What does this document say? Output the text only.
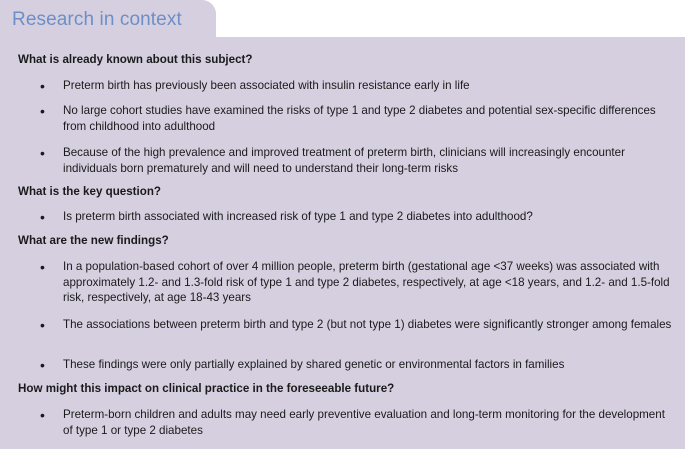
Research in context
What is already known about this subject?
• Preterm birth has previously been associated with insulin resistance early in life
• No large cohort studies have examined the risks of type 1 and type 2 diabetes and potential sex-specific differences from childhood into adulthood
• Because of the high prevalence and improved treatment of preterm birth, clinicians will increasingly encounter individuals born prematurely and will need to understand their long-term risks
What is the key question?
• Is preterm birth associated with increased risk of type 1 and type 2 diabetes into adulthood?
What are the new findings?
• In a population-based cohort of over 4 million people, preterm birth (gestational age <37 weeks) was associated with approximately 1.2- and 1.3-fold risk of type 1 and type 2 diabetes, respectively, at age <18 years, and 1.2- and 1.5-fold risk, respectively, at age 18-43 years
• The associations between preterm birth and type 2 (but not type 1) diabetes were significantly stronger among females
• These findings were only partially explained by shared genetic or environmental factors in families
How might this impact on clinical practice in the foreseeable future?
• Preterm-born children and adults may need early preventive evaluation and long-term monitoring for the development of type 1 or type 2 diabetes
